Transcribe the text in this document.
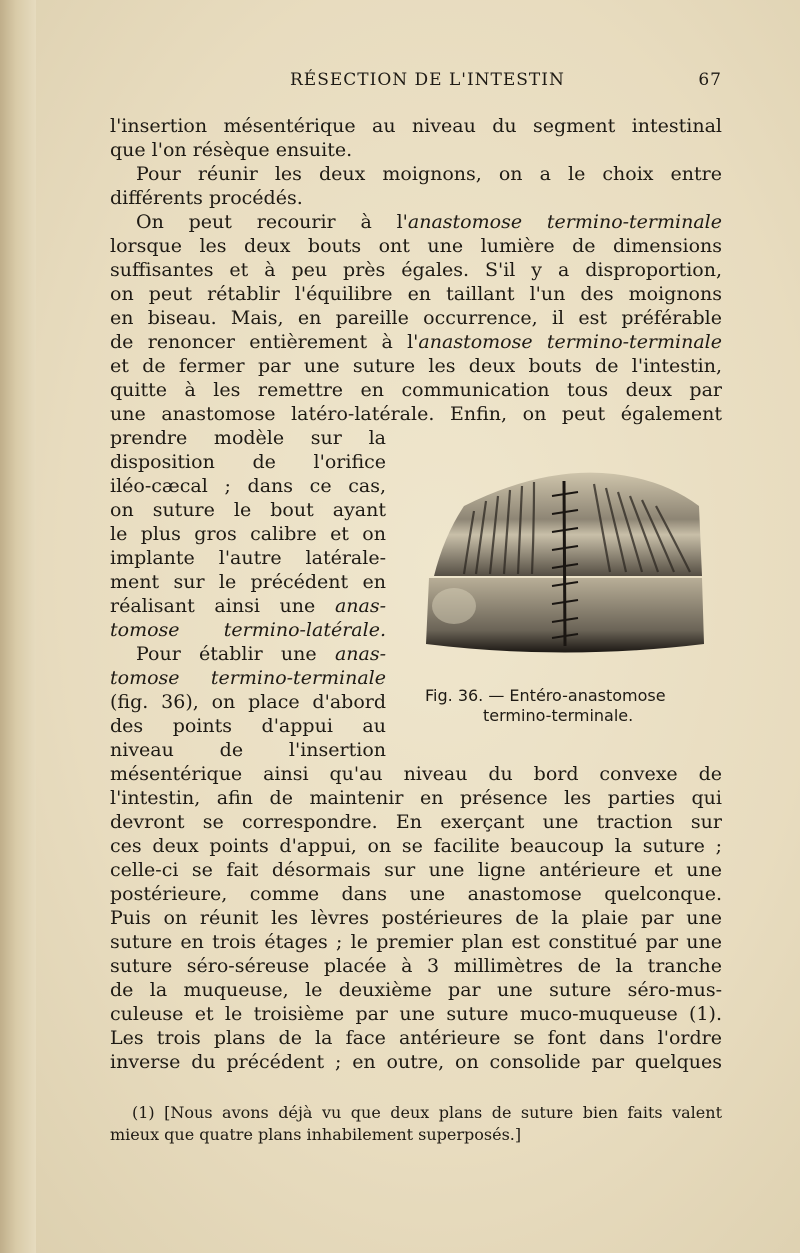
RÉSECTION DE L'INTESTIN	67
l'insertion mésentérique au niveau du segment intestinal
que l'on résèque ensuite.
Pour réunir les deux moignons, on a le choix entre
différents procédés.
On peut recourir à l'anastomose termino-terminale
lorsque les deux bouts ont une lumière de dimensions
suffisantes et à peu près égales. S'il y a disproportion,
on peut rétablir l'équilibre en taillant l'un des moignons
en biseau. Mais, en pareille occurrence, il est préférable
de renoncer entièrement à l'anastomose termino-terminale
et de fermer par une suture les deux bouts de l'intestin,
quitte à les remettre en communication tous deux par
une anastomose latéro-latérale. Enfin, on peut également
prendre modèle sur la
disposition de l'orifice
iléo-cæcal ; dans ce cas,
on suture le bout ayant
le plus gros calibre et on
implante l'autre latérale-
ment sur le précédent en
réalisant ainsi une anas-
tomose termino-latérale.
Pour établir une anas-
tomose termino-terminale
(fig. 36), on place d'abord
des points d'appui au
niveau de l'insertion
mésentérique ainsi qu'au niveau du bord convexe de
l'intestin, afin de maintenir en présence les parties qui
devront se correspondre. En exerçant une traction sur
ces deux points d'appui, on se facilite beaucoup la suture ;
celle-ci se fait désormais sur une ligne antérieure et une
postérieure, comme dans une anastomose quelconque.
Puis on réunit les lèvres postérieures de la plaie par une
suture en trois étages ; le premier plan est constitué par une
suture séro-séreuse placée à 3 millimètres de la tranche
de la muqueuse, le deuxième par une suture séro-mus-
culeuse et le troisième par une suture muco-muqueuse (1).
Les trois plans de la face antérieure se font dans l'ordre
inverse du précédent ; en outre, on consolide par quelques
Fig. 36. — Entéro-anastomose
termino-terminale.
(1) [Nous avons déjà vu que deux plans de suture bien faits valent
mieux que quatre plans inhabilement superposés.]
